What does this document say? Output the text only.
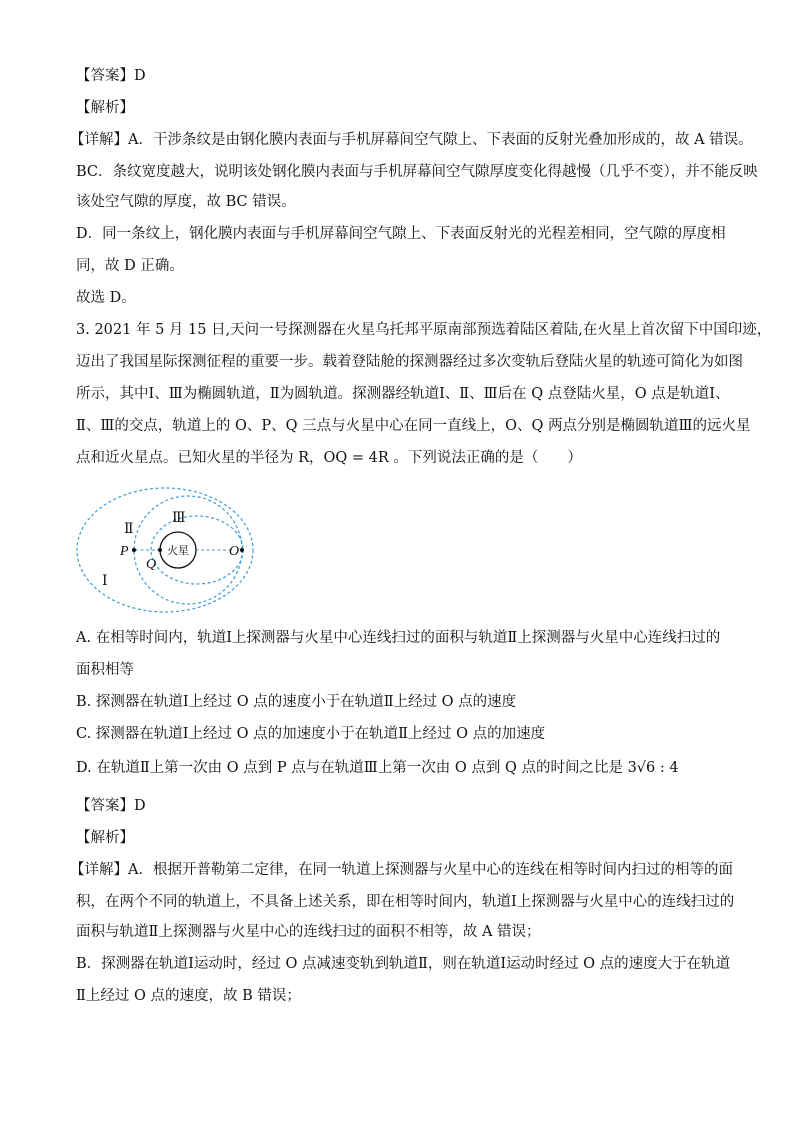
【答案】D
【解析】
【详解】A．干涉条纹是由钢化膜内表面与手机屏幕间空气隙上、下表面的反射光叠加形成的，故 A 错误。
BC．条纹宽度越大，说明该处钢化膜内表面与手机屏幕间空气隙厚度变化得越慢（几乎不变），并不能反映
该处空气隙的厚度，故 BC 错误。
D．同一条纹上，钢化膜内表面与手机屏幕间空气隙上、下表面反射光的光程差相同，空气隙的厚度相
同，故 D 正确。
故选 D。
3. 2021 年 5 月 15 日,天问一号探测器在火星乌托邦平原南部预选着陆区着陆,在火星上首次留下中国印迹，
迈出了我国星际探测征程的重要一步。载着登陆舱的探测器经过多次变轨后登陆火星的轨迹可简化为如图
所示，其中Ⅰ、Ⅲ为椭圆轨道，Ⅱ为圆轨道。探测器经轨道Ⅰ、Ⅱ、Ⅲ后在 Q 点登陆火星，O 点是轨道Ⅰ、
Ⅱ、Ⅲ的交点，轨道上的 O、P、Q 三点与火星中心在同一直线上，O、Q 两点分别是椭圆轨道Ⅲ的远火星
点和近火星点。已知火星的半径为 R，OQ = 4R 。下列说法正确的是（　　）
火星
P
Q
O
Ⅱ
Ⅲ
Ⅰ
A. 在相等时间内，轨道Ⅰ上探测器与火星中心连线扫过的面积与轨道Ⅱ上探测器与火星中心连线扫过的
面积相等
B. 探测器在轨道Ⅰ上经过 O 点的速度小于在轨道Ⅱ上经过 O 点的速度
C. 探测器在轨道Ⅰ上经过 O 点的加速度小于在轨道Ⅱ上经过 O 点的加速度
D. 在轨道Ⅱ上第一次由 O 点到 P 点与在轨道Ⅲ上第一次由 O 点到 Q 点的时间之比是 3√6 : 4
【答案】D
【解析】
【详解】A．根据开普勒第二定律，在同一轨道上探测器与火星中心的连线在相等时间内扫过的相等的面
积，在两个不同的轨道上，不具备上述关系，即在相等时间内，轨道Ⅰ上探测器与火星中心的连线扫过的
面积与轨道Ⅱ上探测器与火星中心的连线扫过的面积不相等，故 A 错误；
B．探测器在轨道Ⅰ运动时，经过 O 点减速变轨到轨道Ⅱ，则在轨道Ⅰ运动时经过 O 点的速度大于在轨道
Ⅱ上经过 O 点的速度，故 B 错误；
